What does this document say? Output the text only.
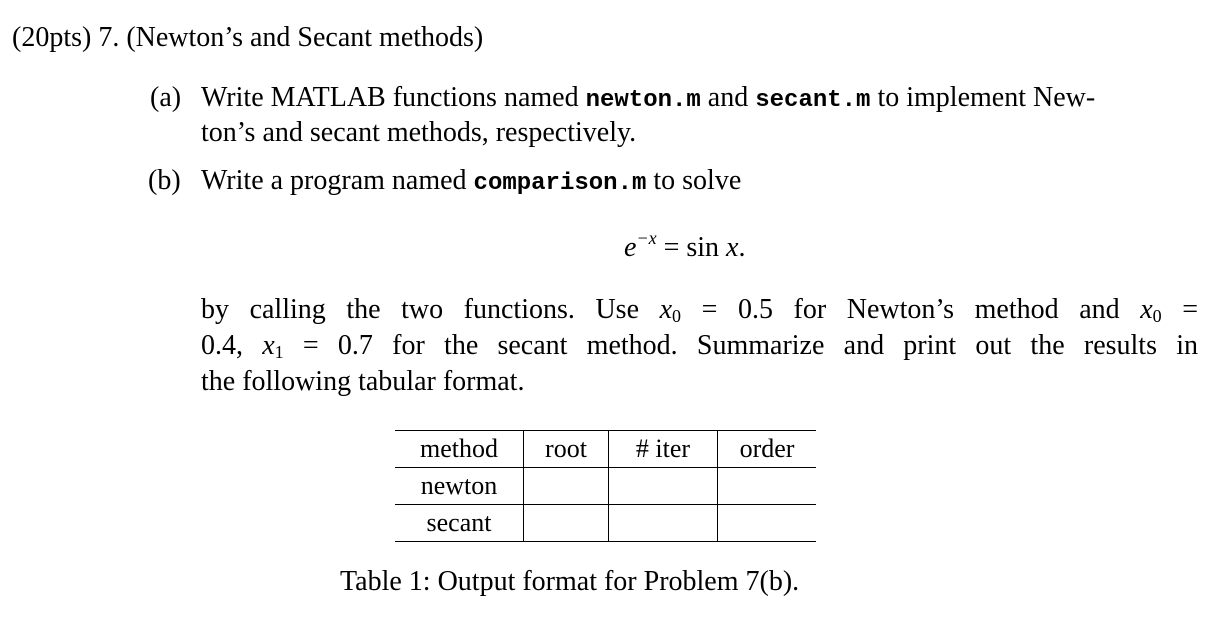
(20pts) 7. (Newton’s and Secant methods)
(a) Write MATLAB functions named newton.m and secant.m to implement New-
ton’s and secant methods, respectively.
(b) Write a program named comparison.m to solve
$e^{-x} = \sin x$.
by calling the two functions. Use $x_0 = 0.5$ for Newton’s method and $x_0$ =
0.4, $x_1 = 0.7$ for the secant method. Summarize and print out the results in
the following tabular format.
method	root	# iter	order
newton			
secant			
Table 1: Output format for Problem 7(b).
